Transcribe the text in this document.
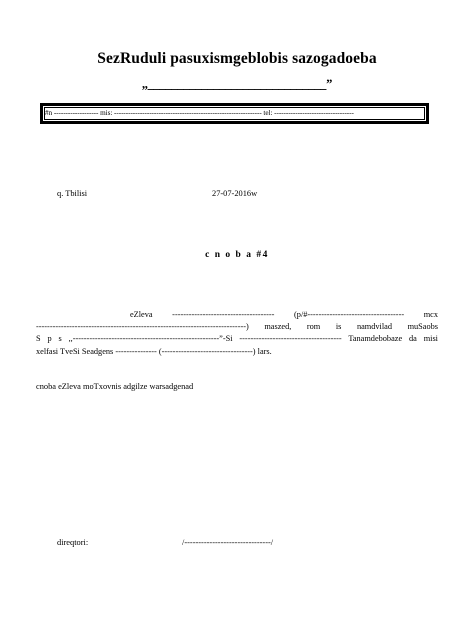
SezRuduli pasuxismgeblobis sazogadoeba
,,______________________________”
#n ------------------- mis: --------------------------------------------------------------- tel: ----------------------------------
q. Tbilisi	27-07-2016w
c n o b a #4
eZleva ------------------------------------- (p/#----------------------------------- mcx
----------------------------------------------------------------------------) maszed, rom is namdvilad muSaobs
S p s ,,-----------------------------------------------------”-Si ------------------------------------- Tanamdebobaze da misi
xelfasi TveSi Seadgens --------------- (---------------------------------) lars.
cnoba eZleva moTxovnis adgilze warsadgenad
direqtori:	/-------------------------------/
